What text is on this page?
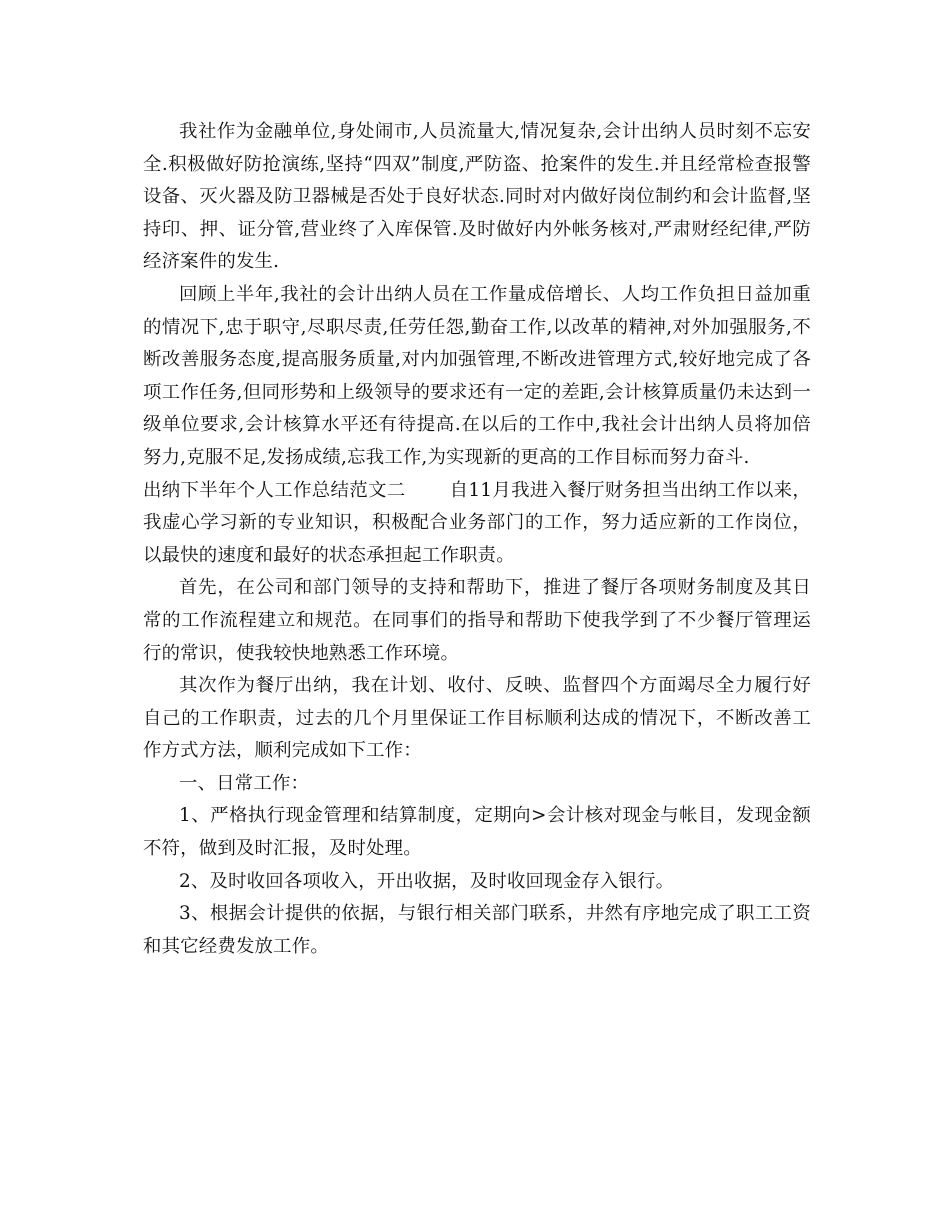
我社作为金融单位,身处闹市,人员流量大,情况复杂,会计出纳人员时刻不忘安全.积极做好防抢演练,坚持“四双”制度,严防盗、抢案件的发生.并且经常检查报警设备、灭火器及防卫器械是否处于良好状态.同时对内做好岗位制约和会计监督,坚持印、押、证分管,营业终了入库保管.及时做好内外帐务核对,严肃财经纪律,严防经济案件的发生.

回顾上半年,我社的会计出纳人员在工作量成倍增长、人均工作负担日益加重的情况下,忠于职守,尽职尽责,任劳任怨,勤奋工作,以改革的精神,对外加强服务,不断改善服务态度,提高服务质量,对内加强管理,不断改进管理方式,较好地完成了各项工作任务,但同形势和上级领导的要求还有一定的差距,会计核算质量仍未达到一级单位要求,会计核算水平还有待提高.在以后的工作中,我社会计出纳人员将加倍努力,克服不足,发扬成绩,忘我工作,为实现新的更高的工作目标而努力奋斗.

出纳下半年个人工作总结范文二 自11月我进入餐厅财务担当出纳工作以来，我虚心学习新的专业知识，积极配合业务部门的工作，努力适应新的工作岗位，以最快的速度和最好的状态承担起工作职责。

首先，在公司和部门领导的支持和帮助下，推进了餐厅各项财务制度及其日常的工作流程建立和规范。在同事们的指导和帮助下使我学到了不少餐厅管理运行的常识，使我较快地熟悉工作环境。

其次作为餐厅出纳，我在计划、收付、反映、监督四个方面竭尽全力履行好自己的工作职责，过去的几个月里保证工作目标顺利达成的情况下，不断改善工作方式方法，顺利完成如下工作：

一、日常工作：

1、严格执行现金管理和结算制度，定期向>会计核对现金与帐目，发现金额不符，做到及时汇报，及时处理。

2、及时收回各项收入，开出收据，及时收回现金存入银行。

3、根据会计提供的依据，与银行相关部门联系，井然有序地完成了职工工资和其它经费发放工作。
